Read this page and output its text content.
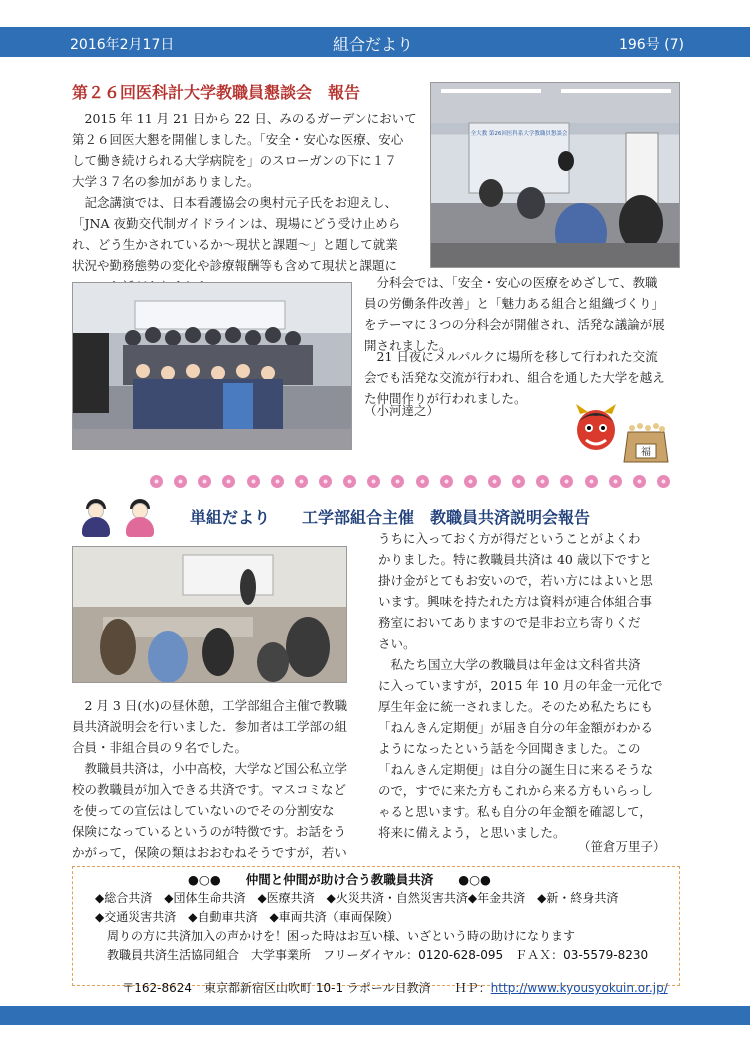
2016年2月17日	組合だより	196号 (7)
第２６回医科計大学教職員懇談会　報告
2015 年 11 月 21 日から 22 日、みのるガーデンにおいて
第２６回医大懇を開催しました。「安全・安心な医療、安心
して働き続けられる大学病院を」のスローガンの下に１７
大学３７名の参加がありました。
記念講演では、日本看護協会の奥村元子氏をお迎えし、
「JNA 夜勤交代制ガイドラインは、現場にどう受け止めら
れ、どう生かされているか〜現状と課題〜」と題して就業
状況や勤務態勢の変化や診療報酬等も含めて現状と課題に
全大教 第26回医科系大学教職員懇談会
分科会では、「安全・安心の医療をめざして、教職
員の労働条件改善」と「魅力ある組合と組織づくり」
をテーマに３つの分科会が開催され、活発な議論が展
開されました。
21 日夜にメルパルクに場所を移して行われた交流
会でも活発な交流が行われ、組合を通した大学を越え
た仲間作りが行われました。
（小河達之）
福
単組だより　　工学部組合主催　教職員共済説明会報告
2 月 3 日(水)の昼休憩，工学部組合主催で教職
員共済説明会を行いました．参加者は工学部の組
合員・非組合員の９名でした。
　教職員共済は，小中高校，大学など国公私立学
校の教職員が加入できる共済です。マスコミなど
を使っての宣伝はしていないのでその分割安な
保険になっているというのが特徴です。お話をう
かがって，保険の類はおおむねそうですが，若い
うちに入っておく方が得だということがよくわ
かりました。特に教職員共済は 40 歳以下ですと
掛け金がとてもお安いので，若い方にはよいと思
います。興味を持たれた方は資料が連合体組合事
務室においてありますので是非お立ち寄りくだ
さい。
　私たち国立大学の教職員は年金は文科省共済
に入っていますが，2015 年 10 月の年金一元化で
厚生年金に統一されました。そのため私たちにも
「ねんきん定期便」が届き自分の年金額がわかる
ようになったという話を今回聞きました。この
「ねんきん定期便」は自分の誕生日に来るそうな
ので，すでに来た方もこれから来る方もいらっし
ゃると思います。私も自分の年金額を確認して，
将来に備えよう，と思いました。
（笹倉万里子）
●○●　　仲間と仲間が助け合う教職員共済　　●○●
◆総合共済　◆団体生命共済　◆医療共済　◆火災共済・自然災害共済◆年金共済　◆新・終身共済
◆交通災害共済　◆自動車共済　◆車両共済（車両保険）
周りの方に共済加入の声かけを！困った時はお互い様、いざという時の助けになります
教職員共済生活協同組合　大学事業所　フリーダイヤル：0120-628-095　ＦＡＸ：03-5579-8230

〒162-8624　東京都新宿区山吹町 10-1 ラポール日教済　　ＨＰ：http://www.kyousyokuin.or.jp/
